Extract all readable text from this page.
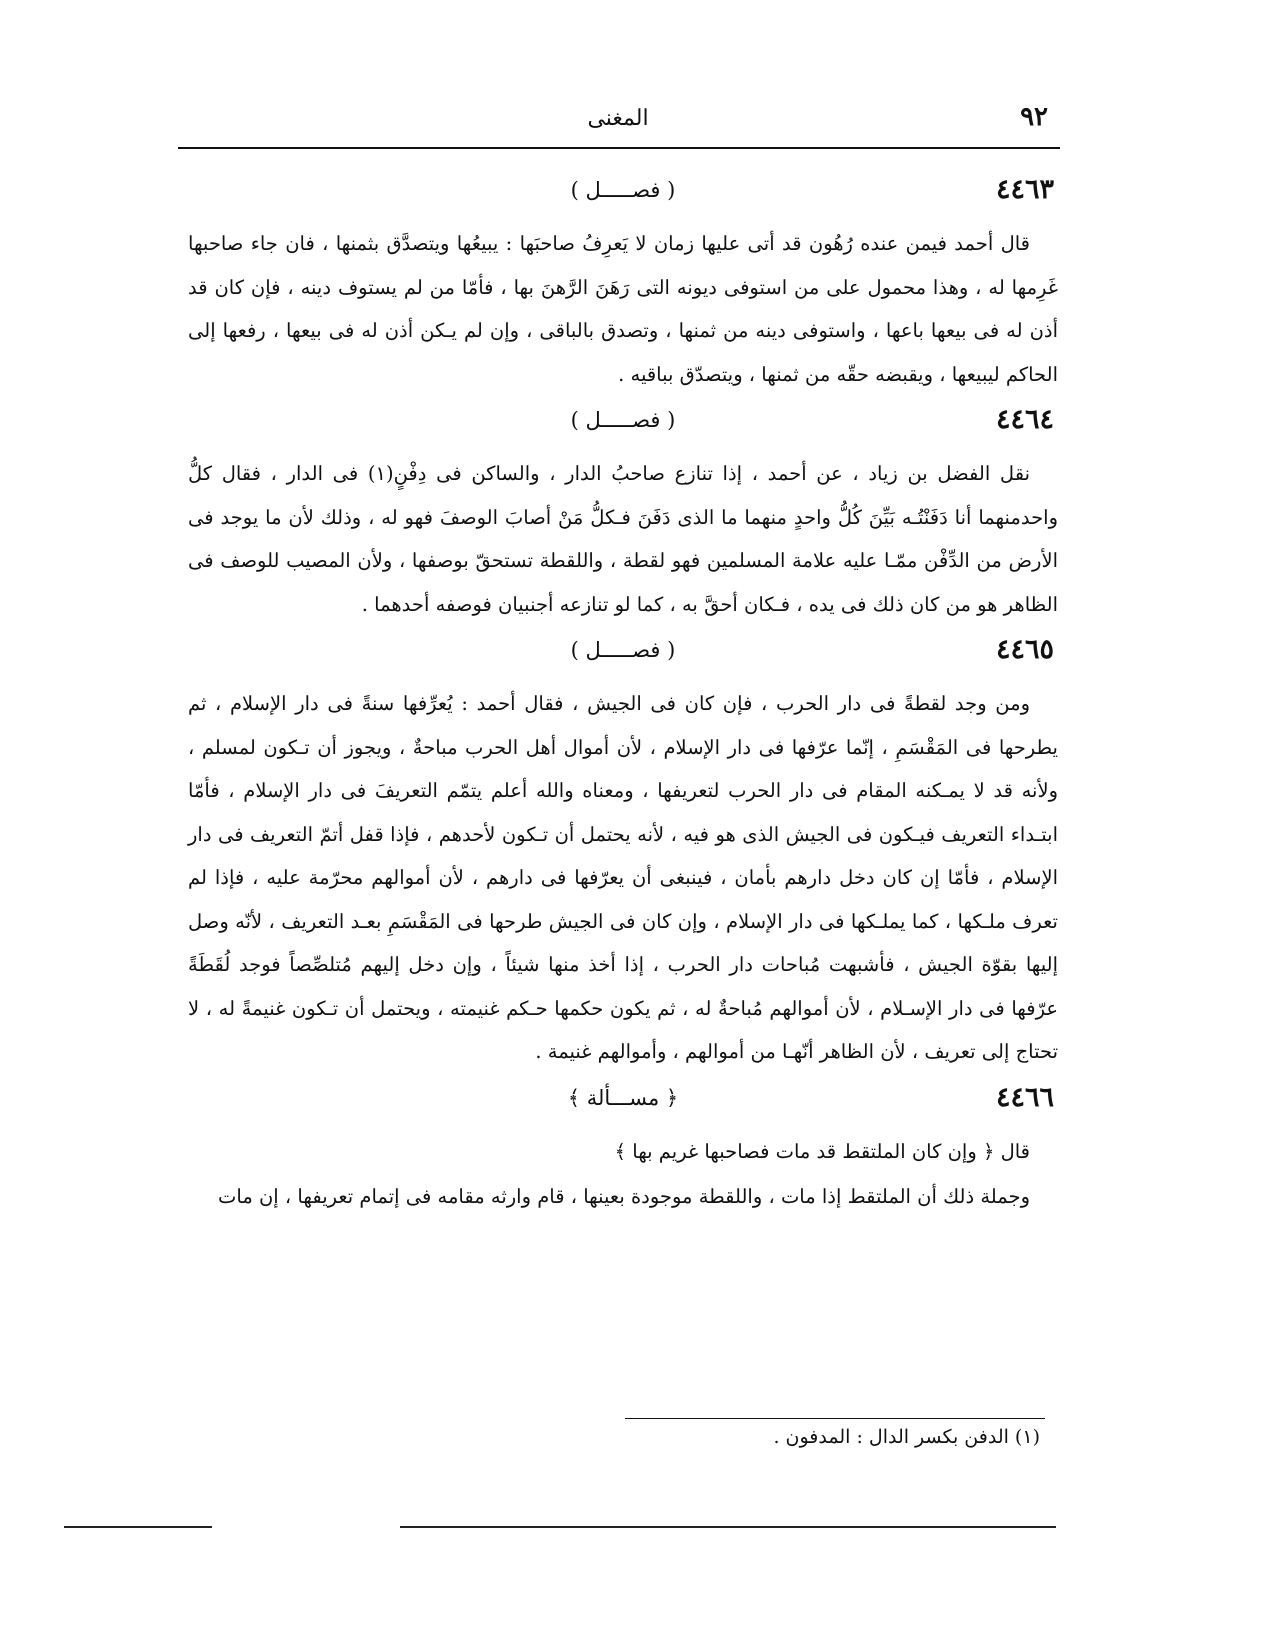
٩٢
المغنى
٤٤٦٣
( فصـــــل )

قال أحمد فيمن عنده رُهُون قد أتى عليها زمان لا يَعرِفُ صاحبَها : يبيعُها ويتصدَّق بثمنها ، فان جاء صاحبها غَرِمها له ، وهذا محمول على من استوفى ديونه التى رَهَنَ الرَّهنَ بها ، فأمّا من لم يستوف دينه ، فإن كان قد أذن له فى بيعها باعها ، واستوفى دينه من ثمنها ، وتصدق بالباقى ، وإن لم يـكن أذن له فى بيعها ، رفعها إلى الحاكم ليبيعها ، ويقبضه حقّه من ثمنها ، ويتصدّق بباقيه .

٤٤٦٤
( فصـــــل )

نقل الفضل بن زياد ، عن أحمد ، إذا تنازع صاحبُ الدار ، والساكن فى دِفْنٍ(١) فى الدار ، فقال كلُّ واحدمنهما أنا دَفَنْتُـه بَيِّنَ كُلُّ واحدٍ منهما ما الذى دَفَنَ فـكلُّ مَنْ أصابَ الوصفَ فهو له ، وذلك لأن ما يوجد فى الأرض من الدِّفْن ممّـا عليه علامة المسلمين فهو لقطة ، واللقطة تستحقّ بوصفها ، ولأن المصيب للوصف فى الظاهر هو من كان ذلك فى يده ، فـكان أحقَّ به ، كما لو تنازعه أجنبيان فوصفه أحدهما .

٤٤٦٥
( فصـــــل )

ومن وجد لقطةً فى دار الحرب ، فإن كان فى الجيش ، فقال أحمد : يُعرِّفها سنةً فى دار الإسلام ، ثم يطرحها فى المَقْسَمِ ، إنّما عرّفها فى دار الإسلام ، لأن أموال أهل الحرب مباحةٌ ، ويجوز أن تـكون لمسلم ، ولأنه قد لا يمـكنه المقام فى دار الحرب لتعريفها ، ومعناه والله أعلم يتمّم التعريفَ فى دار الإسلام ، فأمّا ابتـداء التعريف فيـكون فى الجيش الذى هو فيه ، لأنه يحتمل أن تـكون لأحدهم ، فإذا قفل أتمّ التعريف فى دار الإسلام ، فأمّا إن كان دخل دارهم بأمان ، فينبغى أن يعرّفها فى دارهم ، لأن أموالهم محرّمة عليه ، فإذا لم تعرف ملـكها ، كما يملـكها فى دار الإسلام ، وإن كان فى الجيش طرحها فى المَقْسَمِ بعـد التعريف ، لأنّه وصل إليها بقوّة الجيش ، فأشبهت مُباحات دار الحرب ، إذا أخذ منها شيئاً ، وإن دخل إليهم مُتلصِّصاً فوجد لُقَطَةً عرّفها فى دار الإسـلام ، لأن أموالهم مُباحةٌ له ، ثم يكون حكمها حـكم غنيمته ، ويحتمل أن تـكون غنيمةً له ، لا تحتاج إلى تعريف ، لأن الظاهر أنّهـا من أموالهم ، وأموالهم غنيمة .

٤٤٦٦
﴿ مســـألة ﴾

قال ﴿ وإن كان الملتقط قد مات فصاحبها غريم بها ﴾

وجملة ذلك أن الملتقط إذا مات ، واللقطة موجودة بعينها ، قام وارثه مقامه فى إتمام تعريفها ، إن مات

(١) الدفن بكسر الدال : المدفون .
